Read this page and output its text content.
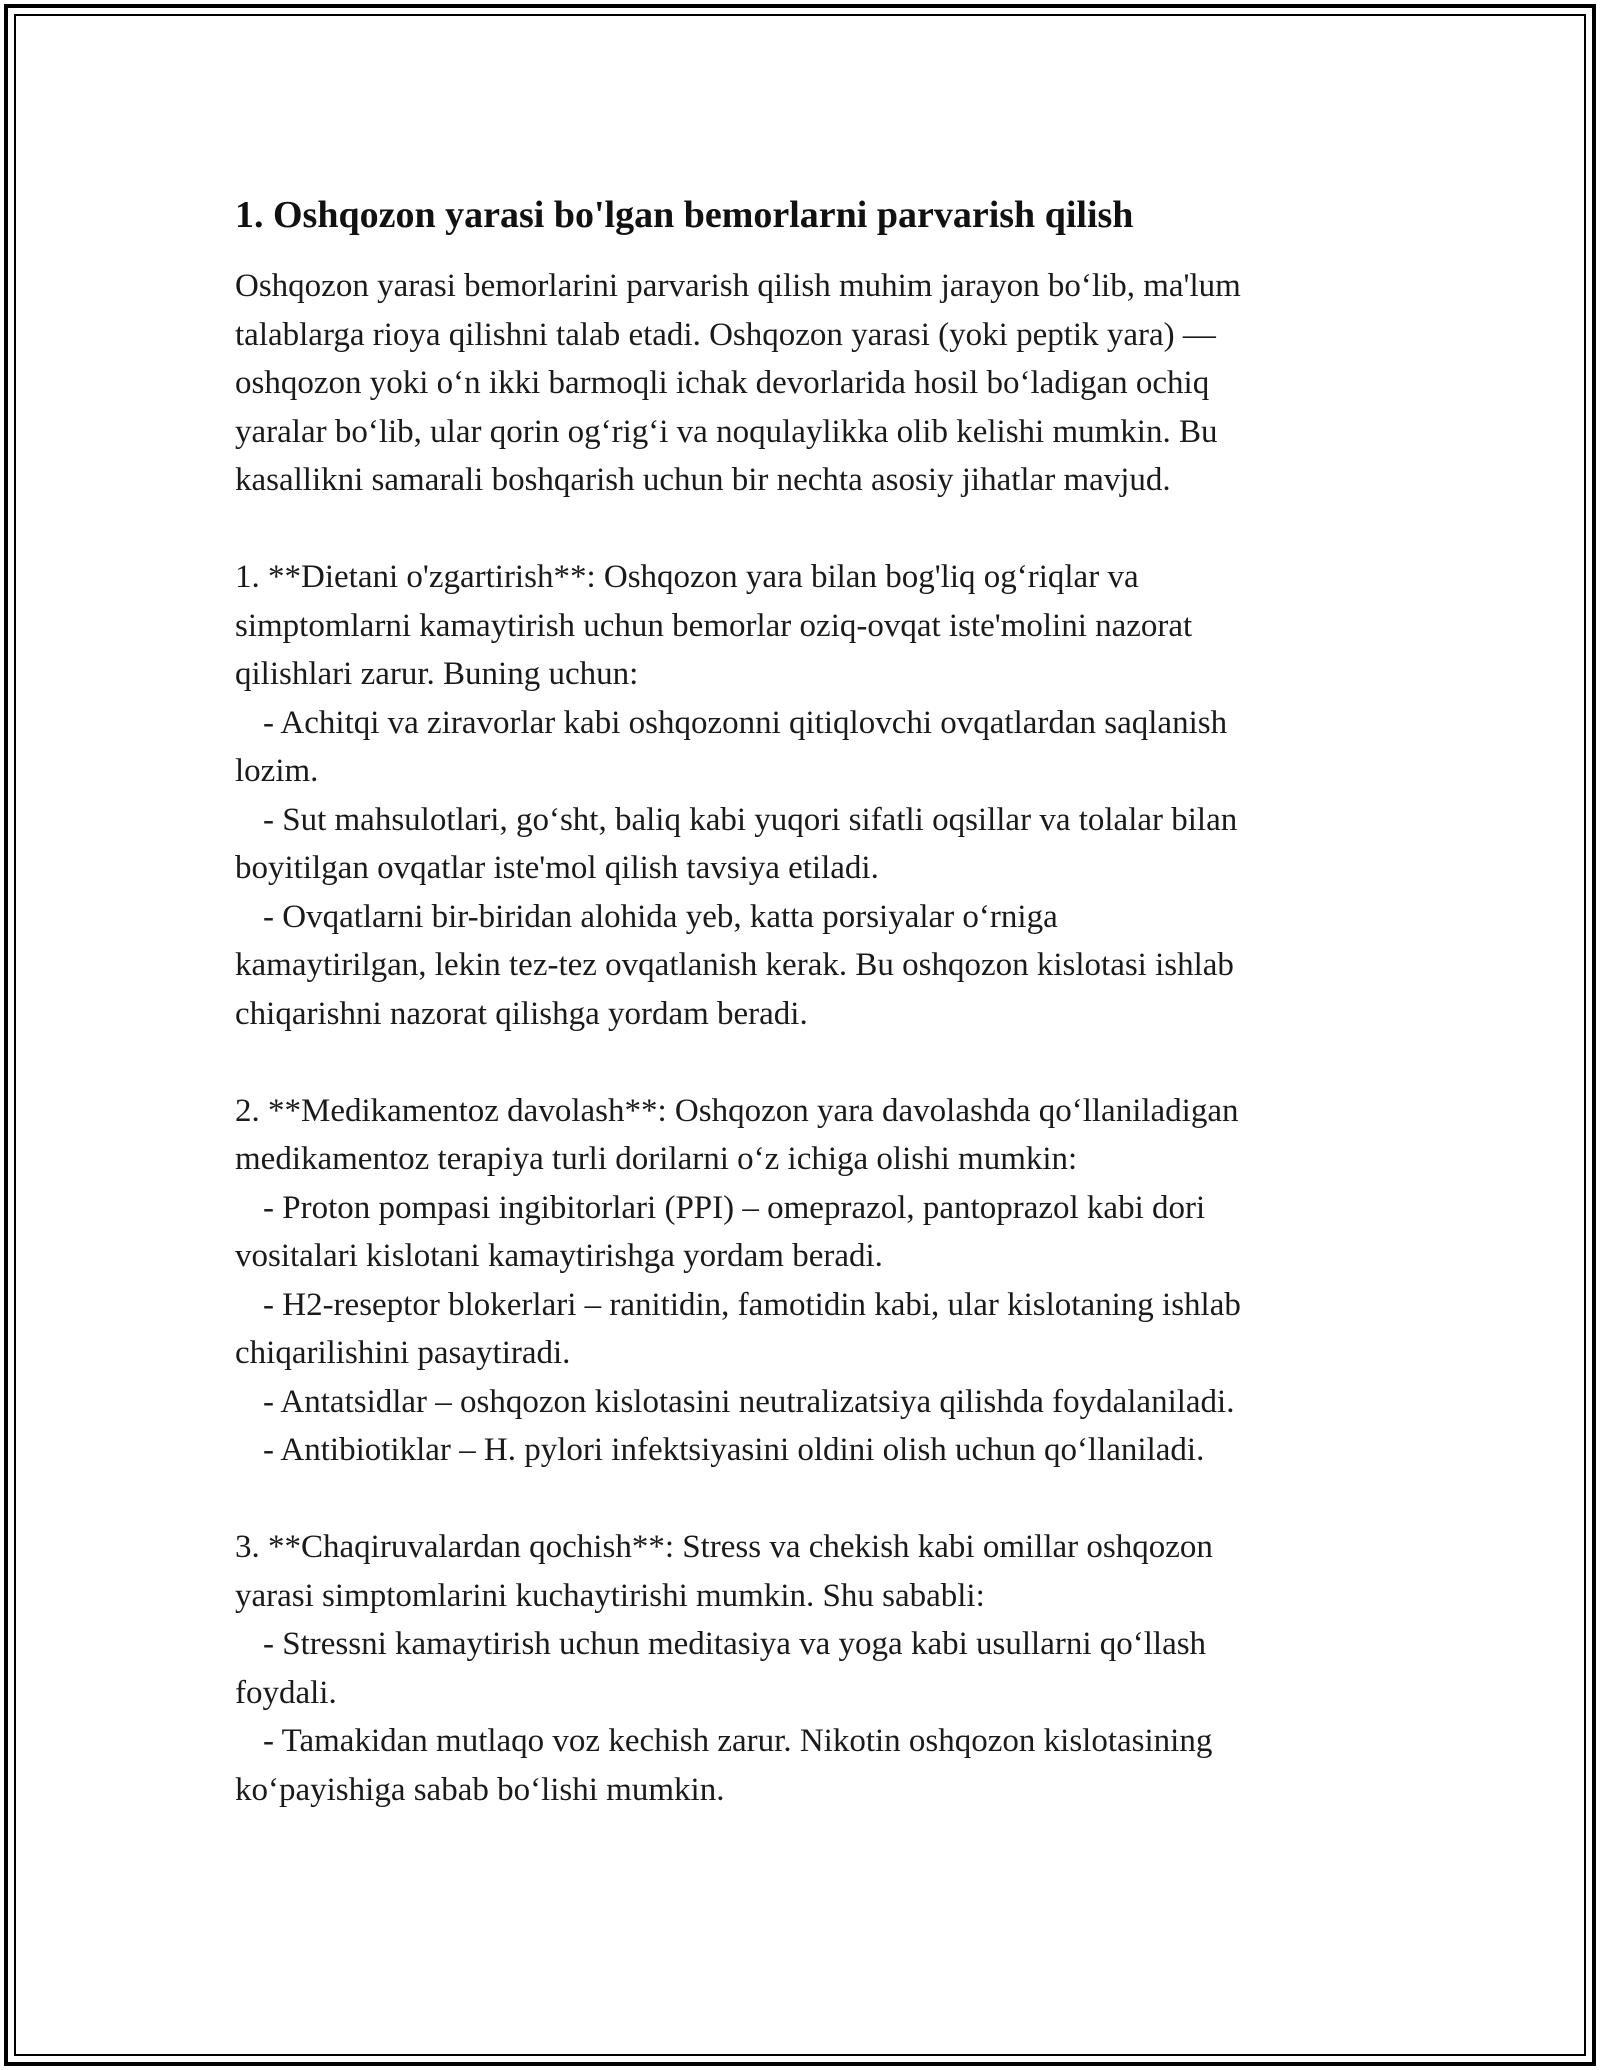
1. Oshqozon yarasi bo'lgan bemorlarni parvarish qilish

Oshqozon yarasi bemorlarini parvarish qilish muhim jarayon bo‘lib, ma'lum

talablarga rioya qilishni talab etadi. Oshqozon yarasi (yoki peptik yara) —

oshqozon yoki o‘n ikki barmoqli ichak devorlarida hosil bo‘ladigan ochiq

yaralar bo‘lib, ular qorin og‘rig‘i va noqulaylikka olib kelishi mumkin. Bu

kasallikni samarali boshqarish uchun bir nechta asosiy jihatlar mavjud.

1. **Dietani o'zgartirish**: Oshqozon yara bilan bog'liq og‘riqlar va

simptomlarni kamaytirish uchun bemorlar oziq-ovqat iste'molini nazorat

qilishlari zarur. Buning uchun:

- Achitqi va ziravorlar kabi oshqozonni qitiqlovchi ovqatlardan saqlanish

lozim.

- Sut mahsulotlari, go‘sht, baliq kabi yuqori sifatli oqsillar va tolalar bilan

boyitilgan ovqatlar iste'mol qilish tavsiya etiladi.

- Ovqatlarni bir-biridan alohida yeb, katta porsiyalar o‘rniga

kamaytirilgan, lekin tez-tez ovqatlanish kerak. Bu oshqozon kislotasi ishlab

chiqarishni nazorat qilishga yordam beradi.

2. **Medikamentoz davolash**: Oshqozon yara davolashda qo‘llaniladigan

medikamentoz terapiya turli dorilarni o‘z ichiga olishi mumkin:

- Proton pompasi ingibitorlari (PPI) – omeprazol, pantoprazol kabi dori

vositalari kislotani kamaytirishga yordam beradi.

- H2-reseptor blokerlari – ranitidin, famotidin kabi, ular kislotaning ishlab

chiqarilishini pasaytiradi.

- Antatsidlar – oshqozon kislotasini neutralizatsiya qilishda foydalaniladi.

- Antibiotiklar – H. pylori infektsiyasini oldini olish uchun qo‘llaniladi.

3. **Chaqiruvalardan qochish**: Stress va chekish kabi omillar oshqozon

yarasi simptomlarini kuchaytirishi mumkin. Shu sababli:

- Stressni kamaytirish uchun meditasiya va yoga kabi usullarni qo‘llash

foydali.

- Tamakidan mutlaqo voz kechish zarur. Nikotin oshqozon kislotasining

ko‘payishiga sabab bo‘lishi mumkin.
